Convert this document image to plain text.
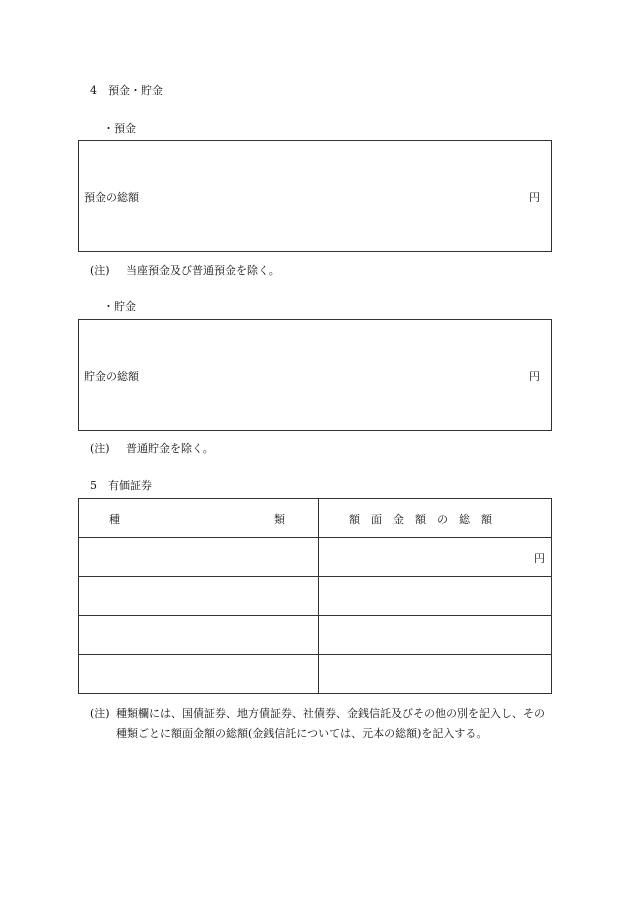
4　預金・貯金
・預金
預金の総額	円
(注) 当座預金及び普通預金を除く。
・貯金
貯金の総額	円
(注) 普通貯金を除く。
5　有価証券
種 類	額　面　金　額　の　総　額

	円

(注) 種類欄には、国債証券、地方債証券、社債券、金銭信託及びその他の別を記入し、その種類ごとに額面金額の総額(金銭信託については、元本の総額)を記入する。
